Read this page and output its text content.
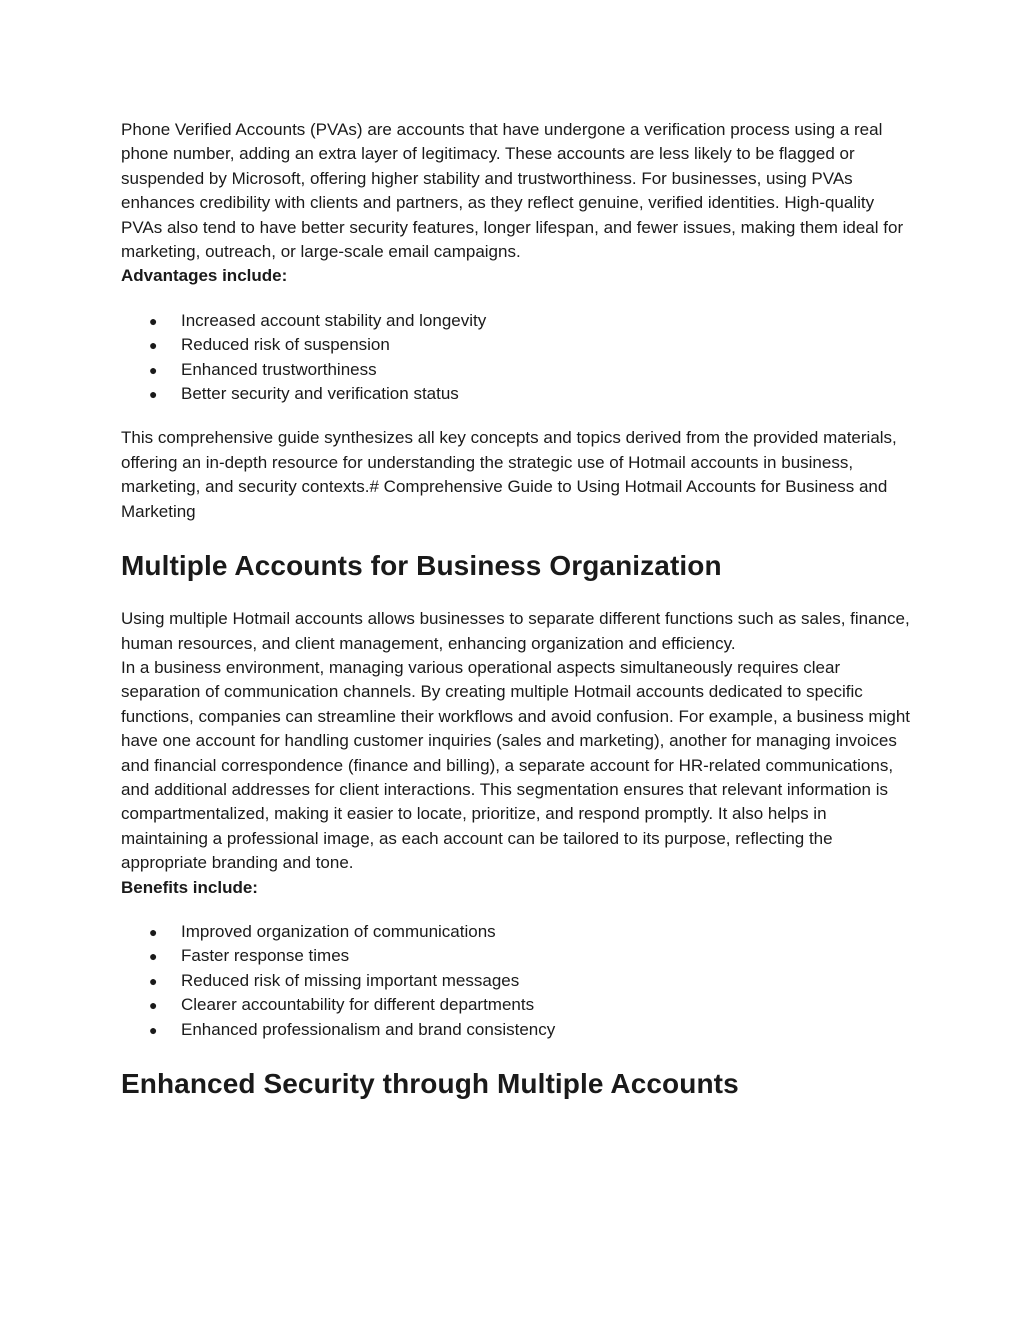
Phone Verified Accounts (PVAs) are accounts that have undergone a verification process using a real phone number, adding an extra layer of legitimacy. These accounts are less likely to be flagged or suspended by Microsoft, offering higher stability and trustworthiness. For businesses, using PVAs enhances credibility with clients and partners, as they reflect genuine, verified identities. High-quality PVAs also tend to have better security features, longer lifespan, and fewer issues, making them ideal for marketing, outreach, or large-scale email campaigns.

Advantages include:

● Increased account stability and longevity
● Reduced risk of suspension
● Enhanced trustworthiness
● Better security and verification status

This comprehensive guide synthesizes all key concepts and topics derived from the provided materials, offering an in-depth resource for understanding the strategic use of Hotmail accounts in business, marketing, and security contexts.# Comprehensive Guide to Using Hotmail Accounts for Business and Marketing

Multiple Accounts for Business Organization

Using multiple Hotmail accounts allows businesses to separate different functions such as sales, finance, human resources, and client management, enhancing organization and efficiency.

In a business environment, managing various operational aspects simultaneously requires clear separation of communication channels. By creating multiple Hotmail accounts dedicated to specific functions, companies can streamline their workflows and avoid confusion. For example, a business might have one account for handling customer inquiries (sales and marketing), another for managing invoices and financial correspondence (finance and billing), a separate account for HR-related communications, and additional addresses for client interactions. This segmentation ensures that relevant information is compartmentalized, making it easier to locate, prioritize, and respond promptly. It also helps in maintaining a professional image, as each account can be tailored to its purpose, reflecting the appropriate branding and tone.

Benefits include:

● Improved organization of communications
● Faster response times
● Reduced risk of missing important messages
● Clearer accountability for different departments
● Enhanced professionalism and brand consistency
Enhanced Security through Multiple Accounts
